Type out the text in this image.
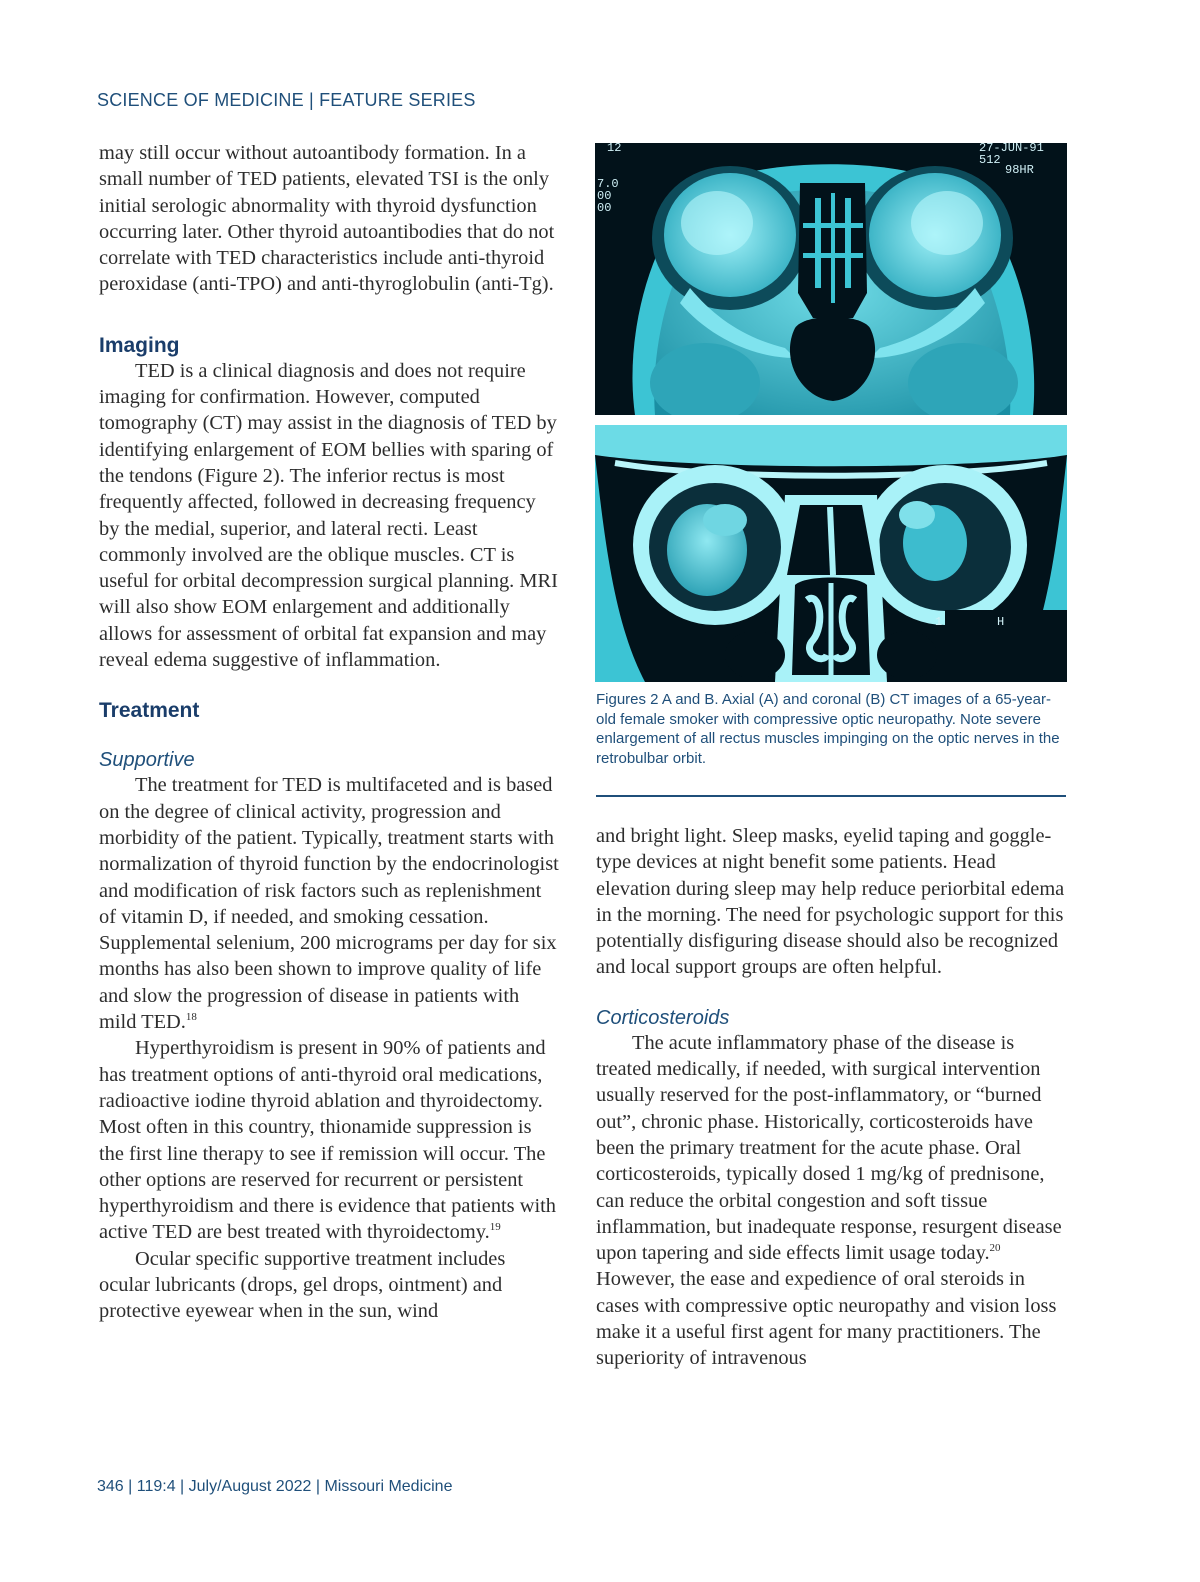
SCIENCE OF MEDICINE | FEATURE SERIES

may still occur without autoantibody formation. In a small number of TED patients, elevated TSI is the only initial serologic abnormality with thyroid dysfunction occurring later. Other thyroid autoantibodies that do not correlate with TED characteristics include anti-thyroid peroxidase (anti-TPO) and anti-thyroglobulin (anti-Tg).

Imaging

TED is a clinical diagnosis and does not require imaging for confirmation. However, computed tomography (CT) may assist in the diagnosis of TED by identifying enlargement of EOM bellies with sparing of the tendons (Figure 2). The inferior rectus is most frequently affected, followed in decreasing frequency by the medial, superior, and lateral recti. Least commonly involved are the oblique muscles. CT is useful for orbital decompression surgical planning. MRI will also show EOM enlargement and additionally allows for assessment of orbital fat expansion and may reveal edema suggestive of inflammation.

Treatment
Supportive

The treatment for TED is multifaceted and is based on the degree of clinical activity, progression and morbidity of the patient. Typically, treatment starts with normalization of thyroid function by the endocrinologist and modification of risk factors such as replenishment of vitamin D, if needed, and smoking cessation. Supplemental selenium, 200 micrograms per day for six months has also been shown to improve quality of life and slow the progression of disease in patients with mild TED.$^{18}$

Hyperthyroidism is present in 90% of patients and has treatment options of anti-thyroid oral medications, radioactive iodine thyroid ablation and thyroidectomy. Most often in this country, thionamide suppression is the first line therapy to see if remission will occur. The other options are reserved for recurrent or persistent hyperthyroidism and there is evidence that patients with active TED are best treated with thyroidectomy.$^{19}$

Ocular specific supportive treatment includes ocular lubricants (drops, gel drops, ointment) and protective eyewear when in the sun, wind

12
7.0
00
00
27-JUN-91
512
98HR
1	H
Figures 2 A and B. Axial (A) and coronal (B) CT images of a 65-year-old female smoker with compressive optic neuropathy. Note severe enlargement of all rectus muscles impinging on the optic nerves in the retrobulbar orbit.

and bright light. Sleep masks, eyelid taping and goggle-type devices at night benefit some patients. Head elevation during sleep may help reduce periorbital edema in the morning. The need for psychologic support for this potentially disfiguring disease should also be recognized and local support groups are often helpful.

Corticosteroids

The acute inflammatory phase of the disease is treated medically, if needed, with surgical intervention usually reserved for the post-inflammatory, or “burned out”, chronic phase. Historically, corticosteroids have been the primary treatment for the acute phase. Oral corticosteroids, typically dosed 1 mg/kg of prednisone, can reduce the orbital congestion and soft tissue inflammation, but inadequate response, resurgent disease upon tapering and side effects limit usage today.$^{20}$ However, the ease and expedience of oral steroids in cases with compressive optic neuropathy and vision loss make it a useful first agent for many practitioners. The superiority of intravenous

346 | 119:4 | July/August 2022 | Missouri Medicine
